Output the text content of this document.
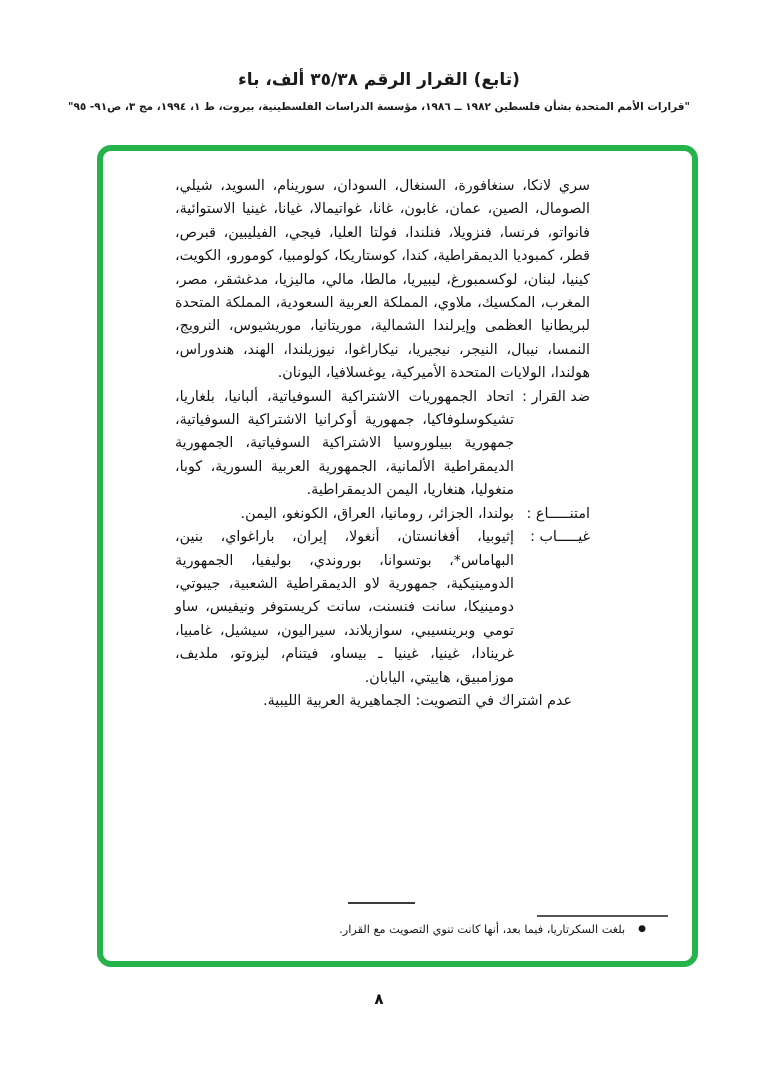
(تابع) القرار الرقم ٣٥/٣٨ ألف، باء
"قرارات الأمم المتحدة بشأن فلسطين ١٩٨٢ ــ ١٩٨٦، مؤسسة الدراسات الفلسطينية، بيروت، ط ١، ١٩٩٤، مج ٣، ص٩١- ٩٥"

سري لانكا، سنغافورة، السنغال، السودان، سورينام، السويد، شيلي، الصومال، الصين، عمان، غابون، غانا، غواتيمالا، غيانا، غينيا الاستوائية، فانواتو، فرنسا، فنزويلا، فنلندا، فولتا العليا، فيجي، الفيليبين، قبرص، قطر، كمبوديا الديمقراطية، كندا، كوستاريكا، كولومبيا، كومورو، الكويت، كينيا، لبنان، لوكسمبورغ، ليبيريا، مالطا، مالي، ماليزيا، مدغشقر، مصر، المغرب، المكسيك، ملاوي، المملكة العربية السعودية، المملكة المتحدة لبريطانيا العظمى وإيرلندا الشمالية، موريتانيا، موريشيوس، النرويج، النمسا، نيبال، النيجر، نيجيريا، نيكاراغوا، نيوزيلندا، الهند، هندوراس، هولندا، الولايات المتحدة الأميركية، يوغسلافيا، اليونان.

ضد القرار :

اتحاد الجمهوريات الاشتراكية السوفياتية، ألبانيا، بلغاريا، تشيكوسلوفاكيا، جمهورية أوكرانيا الاشتراكية السوفياتية، جمهورية بييلوروسيا الاشتراكية السوفياتية، الجمهورية الديمقراطية الألمانية، الجمهورية العربية السورية، كوبا، منغوليا، هنغاريا، اليمن الديمقراطية.

امتنـــــاع :

بولندا، الجزائر، رومانيا، العراق، الكونغو، اليمن.

غيـــــاب :

إثيوبيا، أفغانستان، أنغولا، إيران، باراغواي، بنين، البهاماس*، بوتسوانا، بوروندي، بوليفيا، الجمهورية الدومينيكية، جمهورية لاو الديمقراطية الشعبية، جيبوتي، دومينيكا، سانت فنسنت، سانت كريستوفر ونيفيس، ساو تومي وبرينسيبي، سوازيلاند، سيراليون، سيشيل، غامبيا، غرينادا، غينيا، غينيا ـ بيساو، فيتنام، ليزوتو، ملديف، موزامبيق، هاييتي، اليابان.

عدم اشتراك في التصويت: الجماهيرية العربية الليبية.

●بلغت السكرتاريا، فيما بعد، أنها كانت تنوي التصويت مع القرار.
٨
